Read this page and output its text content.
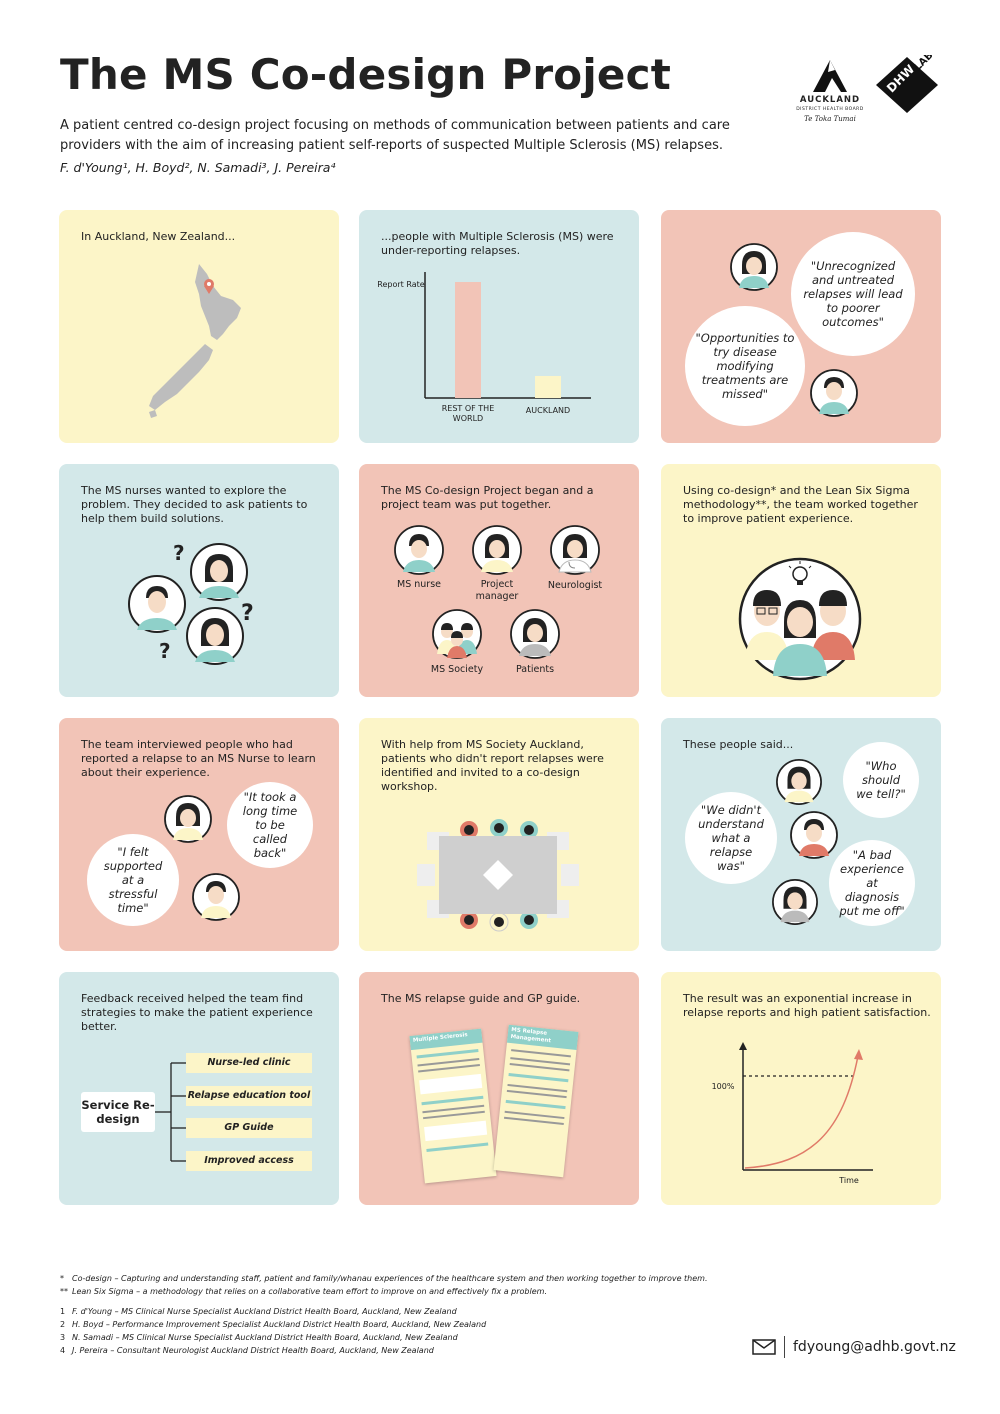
The MS Co-design Project

A patient centred co-design project focusing on methods of communication between patients and care providers with the aim of increasing patient self-reports of suspected Multiple Sclerosis (MS) relapses.

F. d'Young¹, H. Boyd², N. Samadi³, J. Pereira⁴
AUCKLAND
DISTRICT HEALTH BOARD
Te Toka Tumai
DHW
LAB

In Auckland, New Zealand...	...people with Multiple Sclerosis (MS) were under-reporting relapses.

Report Rate
REST OF THE WORLD
AUCKLAND
"Unrecognized and untreated relapses will lead to poorer outcomes"
"Opportunities to try disease modifying treatments are missed"

The MS nurses wanted to explore the problem. They decided to ask patients to help them build solutions.

?
?
?

The MS Co-design Project began and a project team was put together.

MS nurse	Project manager
Neurologist
MS Society	Patients

Using co-design* and the Lean Six Sigma methodology**, the team worked together to improve patient experience.

The team interviewed people who had reported a relapse to an MS Nurse to learn about their experience.

"It took a long time to be called back"
"I felt supported at a stressful time"

With help from MS Society Auckland, patients who didn't report relapses were identified and invited to a co-design workshop.

These people said...

"Who should we tell?"
"We didn't understand what a relapse was"
"A bad experience at diagnosis put me off"

Feedback received helped the team find strategies to make the patient experience better.

Service Re-design
Nurse-led clinic
Relapse education tool
GP Guide
Improved access

The MS relapse guide and GP guide.

Multiple Sclerosis
MS Relapse Management

The result was an exponential increase in relapse reports and high patient satisfaction.

100%
Time
*	Co-design – Capturing and understanding staff, patient and family/whanau experiences of the healthcare system and then working together to improve them.
** Lean Six Sigma – a methodology that relies on a collaborative team effort to improve on and effectively fix a problem.
1 F. d'Young – MS Clinical Nurse Specialist Auckland District Health Board, Auckland, New Zealand
2 H. Boyd – Performance Improvement Specialist Auckland District Health Board, Auckland, New Zealand
3 N. Samadi – MS Clinical Nurse Specialist Auckland District Health Board, Auckland, New Zealand
4 J. Pereira – Consultant Neurologist Auckland District Health Board, Auckland, New Zealand	fdyoung@adhb.govt.nz
